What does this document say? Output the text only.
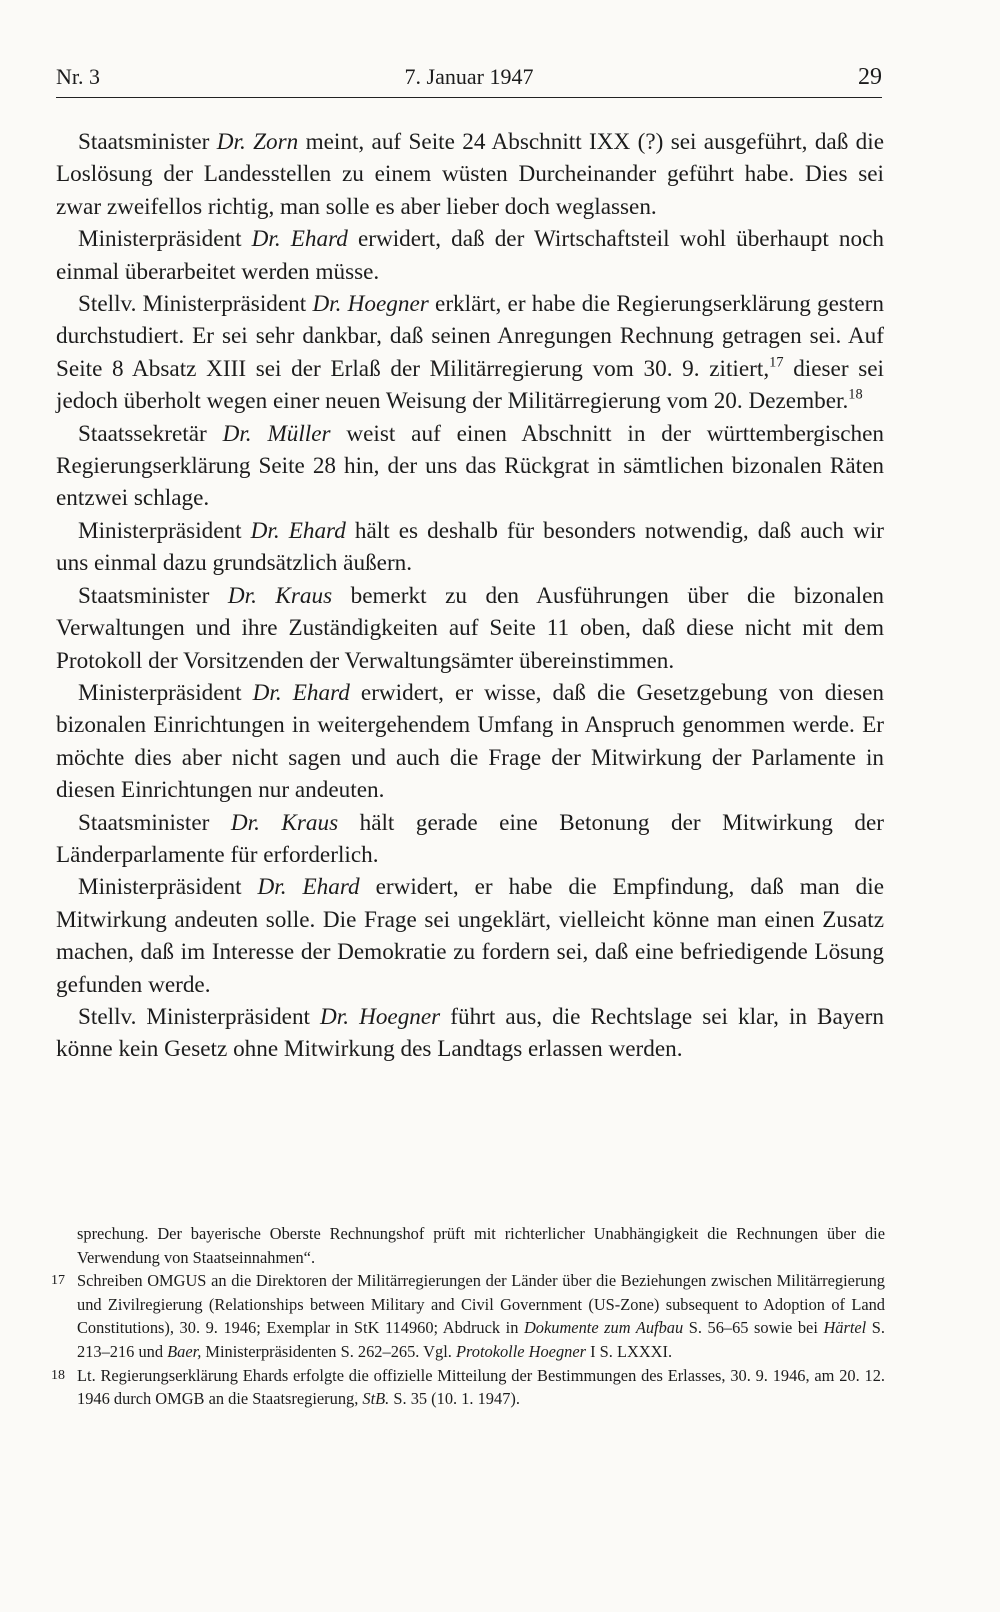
Nr. 3	7. Januar 1947	29

Staatsminister Dr. Zorn meint, auf Seite 24 Abschnitt IXX (?) sei ausgeführt, daß die Loslösung der Landesstellen zu einem wüsten Durcheinander geführt habe. Dies sei zwar zweifellos richtig, man solle es aber lieber doch weglassen.

Ministerpräsident Dr. Ehard erwidert, daß der Wirtschaftsteil wohl überhaupt noch einmal überarbeitet werden müsse.

Stellv. Ministerpräsident Dr. Hoegner erklärt, er habe die Regierungserklärung gestern durchstudiert. Er sei sehr dankbar, daß seinen Anregungen Rechnung getragen sei. Auf Seite 8 Absatz XIII sei der Erlaß der Militärregierung vom 30. 9. zitiert,$^{17}$ dieser sei jedoch überholt wegen einer neuen Weisung der Militärregierung vom 20. Dezember.$^{18}$

Staatssekretär Dr. Müller weist auf einen Abschnitt in der württembergischen Regierungserklärung Seite 28 hin, der uns das Rückgrat in sämtlichen bizonalen Räten entzwei schlage.

Ministerpräsident Dr. Ehard hält es deshalb für besonders notwendig, daß auch wir uns einmal dazu grundsätzlich äußern.

Staatsminister Dr. Kraus bemerkt zu den Ausführungen über die bizonalen Verwaltungen und ihre Zuständigkeiten auf Seite 11 oben, daß diese nicht mit dem Protokoll der Vorsitzenden der Verwaltungsämter übereinstimmen.

Ministerpräsident Dr. Ehard erwidert, er wisse, daß die Gesetzgebung von diesen bizonalen Einrichtungen in weitergehendem Umfang in Anspruch genommen werde. Er möchte dies aber nicht sagen und auch die Frage der Mitwirkung der Parlamente in diesen Einrichtungen nur andeuten.

Staatsminister Dr. Kraus hält gerade eine Betonung der Mitwirkung der Länderparlamente für erforderlich.

Ministerpräsident Dr. Ehard erwidert, er habe die Empfindung, daß man die Mitwirkung andeuten solle. Die Frage sei ungeklärt, vielleicht könne man einen Zusatz machen, daß im Interesse der Demokratie zu fordern sei, daß eine befriedigende Lösung gefunden werde.

Stellv. Ministerpräsident Dr. Hoegner führt aus, die Rechtslage sei klar, in Bayern könne kein Gesetz ohne Mitwirkung des Landtags erlassen werden.

sprechung. Der bayerische Oberste Rechnungshof prüft mit richterlicher Unabhängigkeit die Rechnungen über die Verwendung von Staatseinnahmen“.

17 Schreiben OMGUS an die Direktoren der Militärregierungen der Länder über die Beziehungen zwischen Militärregierung und Zivilregierung (Relationships between Military and Civil Government (US-Zone) subsequent to Adoption of Land Constitutions), 30. 9. 1946; Exemplar in StK 114960; Abdruck in Dokumente zum Aufbau S. 56–65 sowie bei Härtel S. 213–216 und Baer, Ministerpräsidenten S. 262–265. Vgl. Protokolle Hoegner I S. LXXXI.

18 Lt. Regierungserklärung Ehards erfolgte die offizielle Mitteilung der Bestimmungen des Erlasses, 30. 9. 1946, am 20. 12. 1946 durch OMGB an die Staatsregierung, StB. S. 35 (10. 1. 1947).
